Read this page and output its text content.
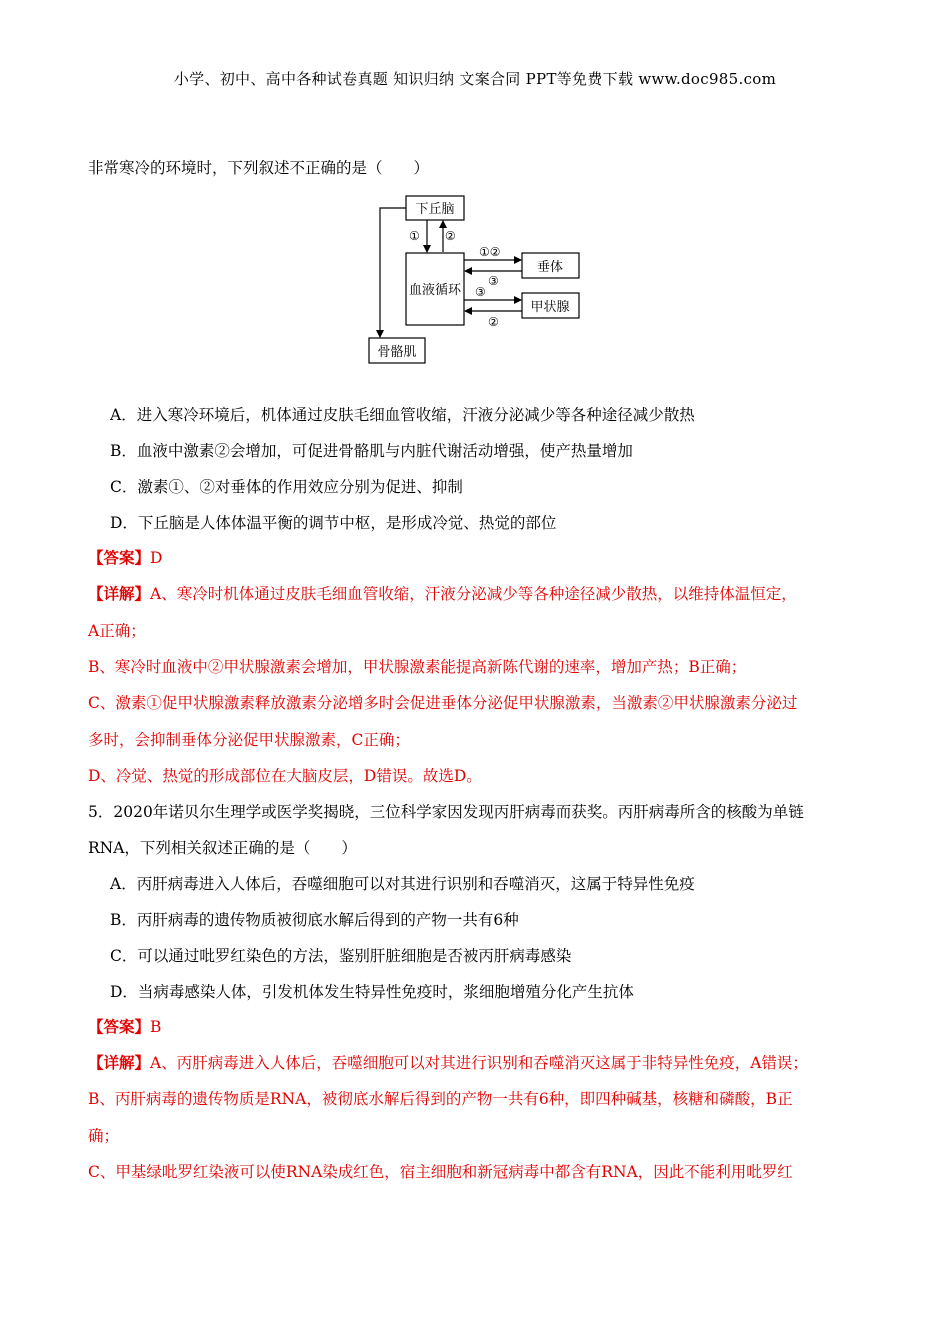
小学、初中、高中各种试卷真题 知识归纳 文案合同 PPT等免费下载 www.doc985.com
非常寒冷的环境时，下列叙述不正确的是（　　）
下丘脑
血液循环
垂体
甲状腺
骨骼肌
① ②
①②
③
③
②
A．进入寒冷环境后，机体通过皮肤毛细血管收缩，汗液分泌减少等各种途径减少散热
B．血液中激素②会增加，可促进骨骼肌与内脏代谢活动增强，使产热量增加
C．激素①、②对垂体的作用效应分别为促进、抑制
D．下丘脑是人体体温平衡的调节中枢，是形成冷觉、热觉的部位
【答案】D
【详解】A、寒冷时机体通过皮肤毛细血管收缩，汗液分泌减少等各种途径减少散热，以维持体温恒定，
A正确；
B、寒冷时血液中②甲状腺激素会增加，甲状腺激素能提高新陈代谢的速率，增加产热；B正确；
C、激素①促甲状腺激素释放激素分泌增多时会促进垂体分泌促甲状腺激素，当激素②甲状腺激素分泌过
多时，会抑制垂体分泌促甲状腺激素，C正确；
D、冷觉、热觉的形成部位在大脑皮层，D错误。故选D。
5．2020年诺贝尔生理学或医学奖揭晓，三位科学家因发现丙肝病毒而获奖。丙肝病毒所含的核酸为单链
RNA，下列相关叙述正确的是（　　）
A．丙肝病毒进入人体后，吞噬细胞可以对其进行识别和吞噬消灭，这属于特异性免疫
B．丙肝病毒的遗传物质被彻底水解后得到的产物一共有6种
C．可以通过吡罗红染色的方法，鉴别肝脏细胞是否被丙肝病毒感染
D．当病毒感染人体，引发机体发生特异性免疫时，浆细胞增殖分化产生抗体
【答案】B
【详解】A、丙肝病毒进入人体后，吞噬细胞可以对其进行识别和吞噬消灭这属于非特异性免疫，A错误；
B、丙肝病毒的遗传物质是RNA，被彻底水解后得到的产物一共有6种，即四种碱基，核糖和磷酸，B正
确；
C、甲基绿吡罗红染液可以使RNA染成红色，宿主细胞和新冠病毒中都含有RNA，因此不能利用吡罗红
